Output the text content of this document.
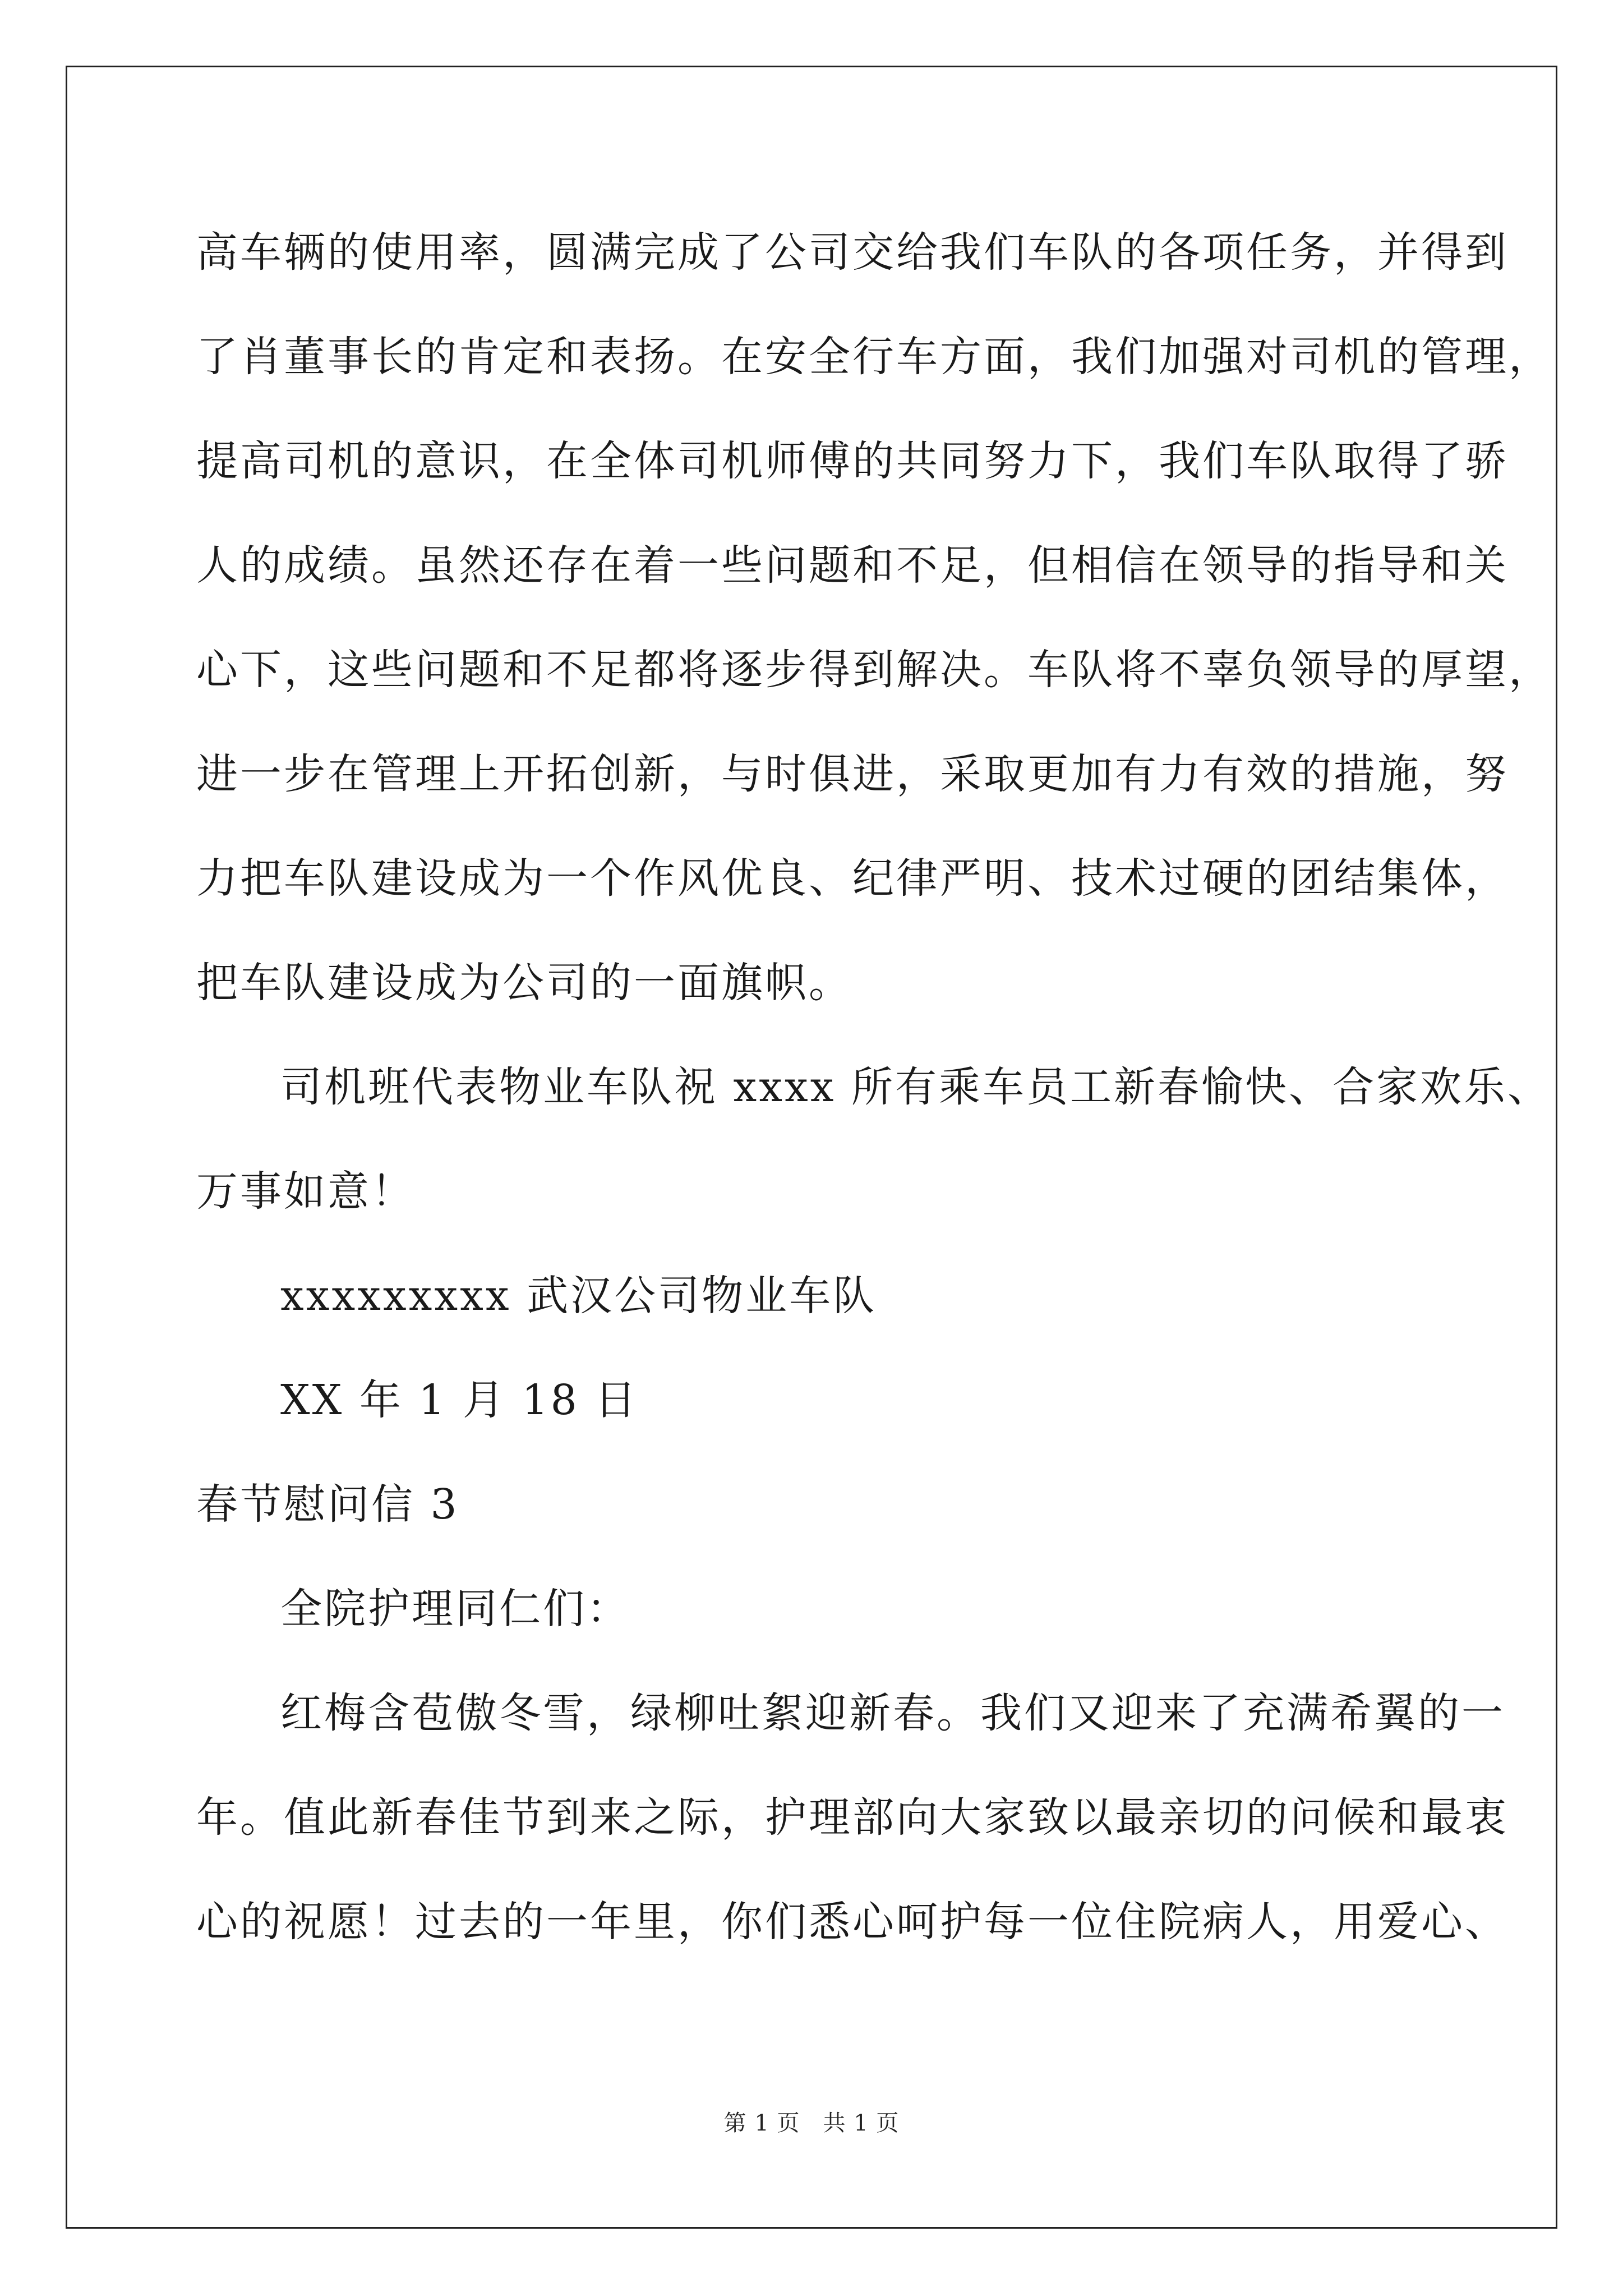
高车辆的使用率，圆满完成了公司交给我们车队的各项任务，并得到
了肖董事长的肯定和表扬。在安全行车方面，我们加强对司机的管理，
提高司机的意识，在全体司机师傅的共同努力下，我们车队取得了骄
人的成绩。虽然还存在着一些问题和不足，但相信在领导的指导和关
心下，这些问题和不足都将逐步得到解决。车队将不辜负领导的厚望，
进一步在管理上开拓创新，与时俱进，采取更加有力有效的措施，努
力把车队建设成为一个作风优良、纪律严明、技术过硬的团结集体，
把车队建设成为公司的一面旗帜。
司机班代表物业车队祝 xxxx 所有乘车员工新春愉快、合家欢乐、
万事如意！
xxxxxxxxx 武汉公司物业车队
XX 年 1 月 18 日
春节慰问信 3
全院护理同仁们：
红梅含苞傲冬雪，绿柳吐絮迎新春。我们又迎来了充满希翼的一
年。值此新春佳节到来之际，护理部向大家致以最亲切的问候和最衷
心的祝愿！过去的一年里，你们悉心呵护每一位住院病人，用爱心、
第 1 页　共 1 页
